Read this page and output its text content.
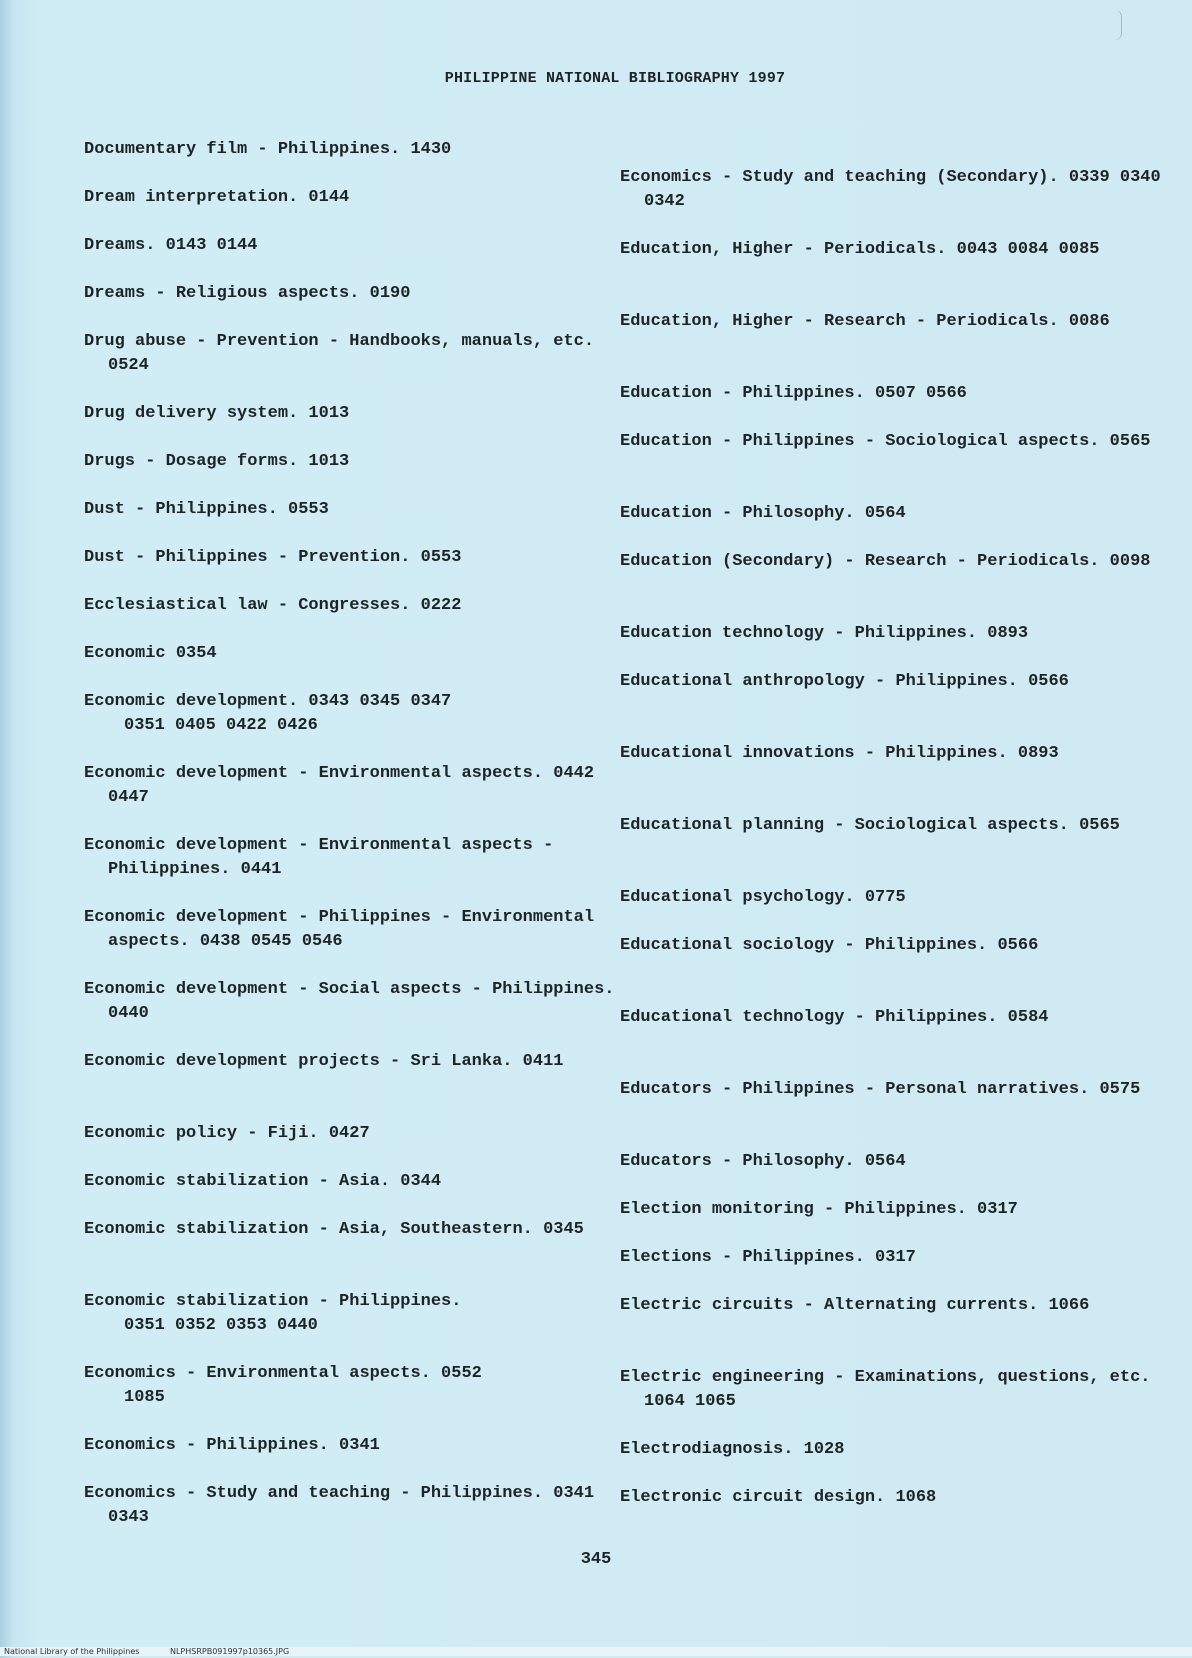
PHILIPPINE NATIONAL BIBLIOGRAPHY 1997
Documentary film - Philippines. 1430
Dream interpretation. 0144
Dreams. 0143 0144
Dreams - Religious aspects. 0190
Drug abuse - Prevention - Handbooks, manuals, etc. 0524
Drug delivery system. 1013
Drugs - Dosage forms. 1013
Dust - Philippines. 0553
Dust - Philippines - Prevention. 0553
Ecclesiastical law - Congresses. 0222
Economic 0354
Economic development. 0343 0345 0347
0351 0405 0422 0426
Economic development - Environmental aspects. 0442 0447
Economic development - Environmental aspects - Philippines. 0441
Economic development - Philippines - Environmental aspects. 0438 0545 0546
Economic development - Social aspects - Philippines. 0440
Economic development projects - Sri Lanka. 0411
Economic policy - Fiji. 0427
Economic stabilization - Asia. 0344
Economic stabilization - Asia, Southeastern. 0345
Economic stabilization - Philippines.
0351 0352 0353 0440
Economics - Environmental aspects. 0552
1085
Economics - Philippines. 0341
Economics - Study and teaching - Philippines. 0341 0343
Economics - Study and teaching (Secondary). 0339 0340 0342
Education, Higher - Periodicals. 0043 0084 0085
Education, Higher - Research - Periodicals. 0086
Education - Philippines. 0507 0566
Education - Philippines - Sociological aspects. 0565
Education - Philosophy. 0564
Education (Secondary) - Research - Periodicals. 0098
Education technology - Philippines. 0893
Educational anthropology - Philippines. 0566
Educational innovations - Philippines. 0893
Educational planning - Sociological aspects. 0565
Educational psychology. 0775
Educational sociology - Philippines. 0566
Educational technology - Philippines. 0584
Educators - Philippines - Personal narratives. 0575
Educators - Philosophy. 0564
Election monitoring - Philippines. 0317
Elections - Philippines. 0317
Electric circuits - Alternating currents. 1066
Electric engineering - Examinations, questions, etc. 1064 1065
Electrodiagnosis. 1028
Electronic circuit design. 1068
345
National Library of the Philippines	NLPHSRPB091997p10365.JPG
